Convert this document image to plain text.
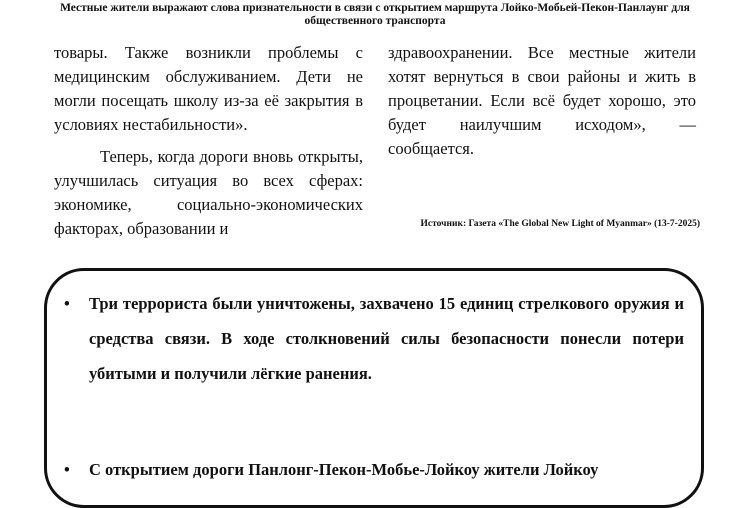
Местные жители выражают слова признательности в связи с открытием маршрута Лойко-Мобьей-Пекон-Панлаунг для общественного транспорта

товары. Также возникли проблемы с медицинским обслуживанием. Дети не могли посещать школу из-за её закрытия в условиях нестабильности».

Теперь, когда дороги вновь открыты, улучшилась ситуация во всех сферах: экономике, социально-экономических факторах, образовании и

здравоохранении. Все местные жители хотят вернуться в свои районы и жить в процветании. Если всё будет хорошо, это будет наилучшим исходом», — сообщается.

Источник: Газета «The Global New Light of Myanmar» (13-7-2025)
• Три террориста были уничтожены, захвачено 15 единиц стрелкового оружия и средства связи. В ходе столкновений силы безопасности понесли потери убитыми и получили лёгкие ранения.
• С открытием дороги Панлонг-Пекон-Мобье-Лойкоу жители Лойкоу
